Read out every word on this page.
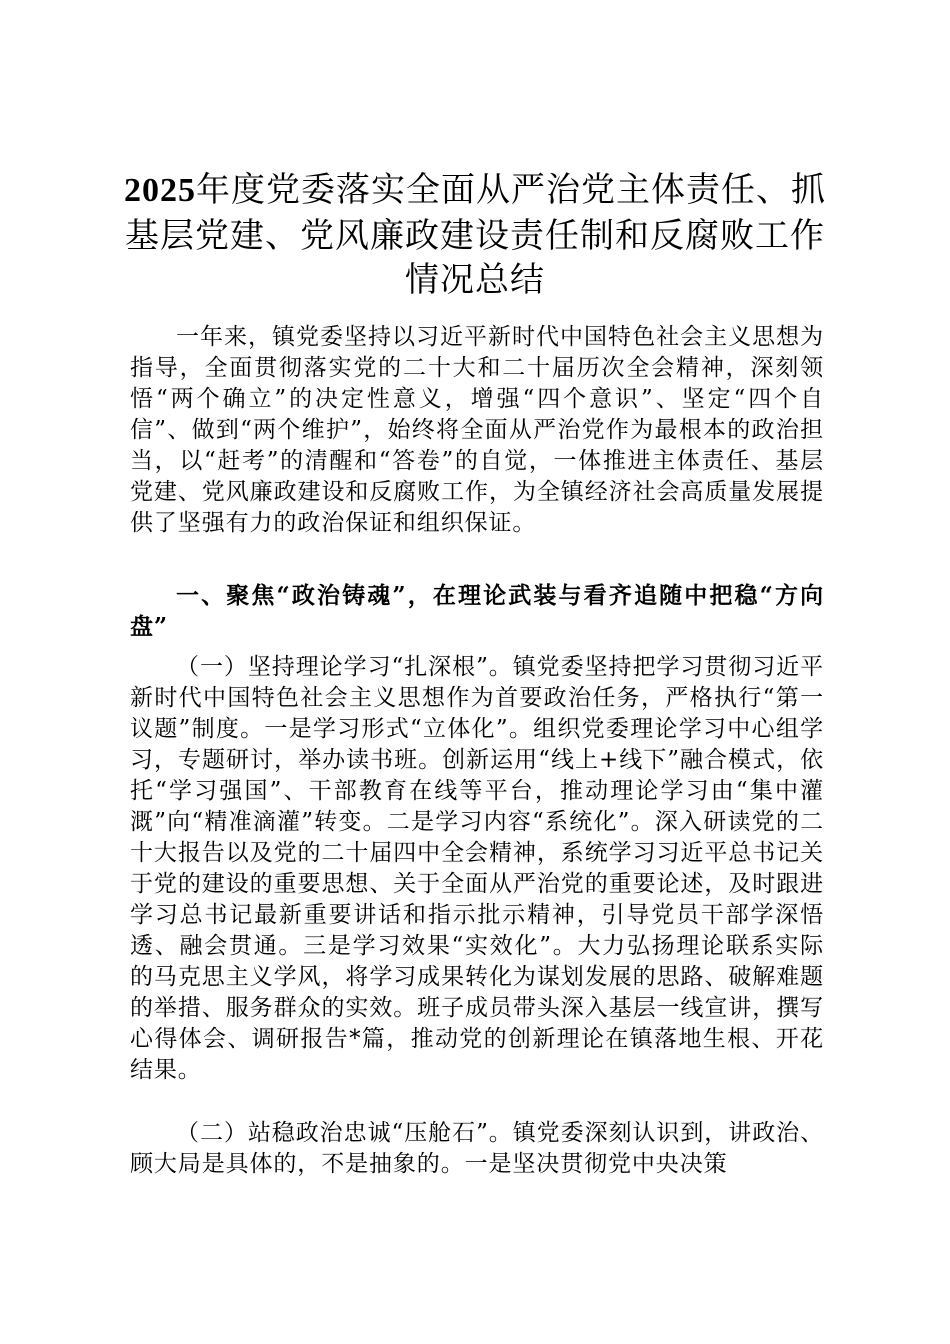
2025年度党委落实全面从严治党主体责任、抓基层党建、党风廉政建设责任制和反腐败工作情况总结

一年来，镇党委坚持以习近平新时代中国特色社会主义思想为指导，全面贯彻落实党的二十大和二十届历次全会精神，深刻领悟“两个确立”的决定性意义，增强“四个意识”、坚定“四个自信”、做到“两个维护”，始终将全面从严治党作为最根本的政治担当，以“赶考”的清醒和“答卷”的自觉，一体推进主体责任、基层党建、党风廉政建设和反腐败工作，为全镇经济社会高质量发展提供了坚强有力的政治保证和组织保证。

一、聚焦“政治铸魂”，在理论武装与看齐追随中把稳“方向盘”

（一）坚持理论学习“扎深根”。镇党委坚持把学习贯彻习近平新时代中国特色社会主义思想作为首要政治任务，严格执行“第一议题”制度。一是学习形式“立体化”。组织党委理论学习中心组学习，专题研讨，举办读书班。创新运用“线上+线下”融合模式，依托“学习强国”、干部教育在线等平台，推动理论学习由“集中灌溉”向“精准滴灌”转变。二是学习内容“系统化”。深入研读党的二十大报告以及党的二十届四中全会精神，系统学习习近平总书记关于党的建设的重要思想、关于全面从严治党的重要论述，及时跟进学习总书记最新重要讲话和指示批示精神，引导党员干部学深悟透、融会贯通。三是学习效果“实效化”。大力弘扬理论联系实际的马克思主义学风，将学习成果转化为谋划发展的思路、破解难题的举措、服务群众的实效。班子成员带头深入基层一线宣讲，撰写心得体会、调研报告*篇，推动党的创新理论在镇落地生根、开花结果。

（二）站稳政治忠诚“压舱石”。镇党委深刻认识到，讲政治、顾大局是具体的，不是抽象的。一是坚决贯彻党中央决策
